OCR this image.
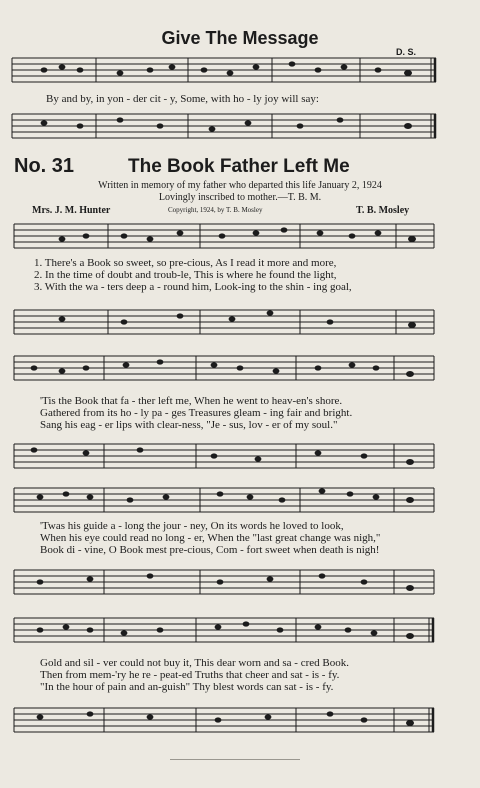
Give The Message
D. S.
By and by, in yon - der cit - y, Some, with ho - ly joy will say:
No. 31	The Book Father Left Me
Written in memory of my father who departed this life January 2, 1924
Lovingly inscribed to mother.—T. B. M.
Mrs. J. M. Hunter	Copyright, 1924, by T. B. Mosley	T. B. Mosley
1. There's a Book so sweet, so pre-cious, As I read it more and more,
2. In the time of doubt and troub-le, This is where he found the light,
3. With the wa - ters deep a - round him, Look-ing to the shin - ing goal,
'Tis the Book that fa - ther left me, When he went to heav-en's shore.
Gathered from its ho - ly pa - ges Treasures gleam - ing fair and bright.
Sang his eag - er lips with clear-ness, "Je - sus, lov - er of my soul."
'Twas his guide a - long the jour - ney, On its words he loved to look,
When his eye could read no long - er, When the "last great change was nigh,"
Book di - vine, O Book mest pre-cious, Com - fort sweet when death is nigh!
Gold and sil - ver could not buy it, This dear worn and sa - cred Book.
Then from mem-'ry he re - peat-ed Truths that cheer and sat - is - fy.
"In the hour of pain and an-guish" Thy blest words can sat - is - fy.
